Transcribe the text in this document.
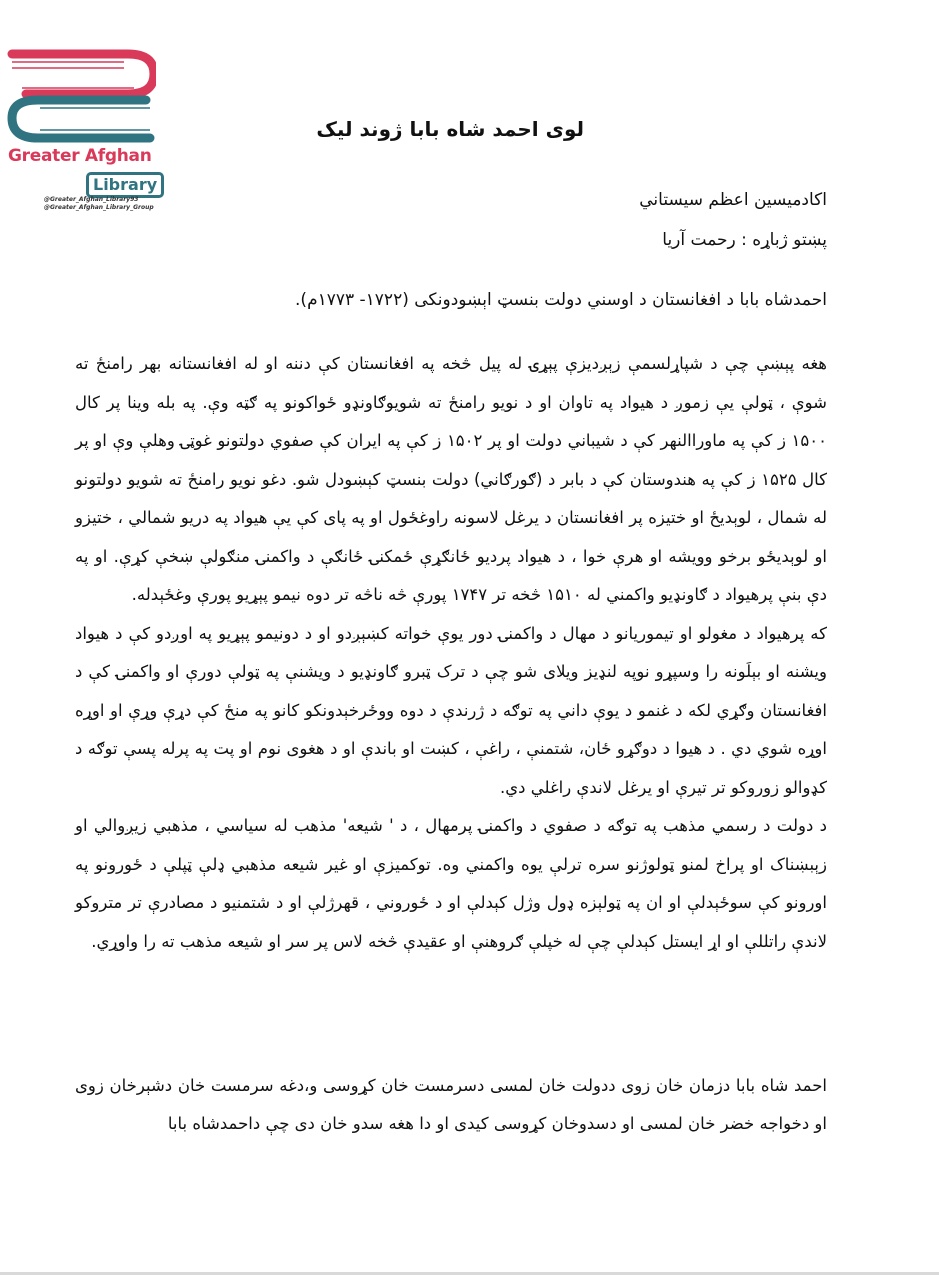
Greater Afghan
Library
@Greater_Afghan_Library93
@Greater_Afghan_Library_Group
لوی احمد شاه بابا ژوند لیک
اکادمیسین اعظم سیستاني
پښتو ژباړه : رحمت آريا
احمدشاه بابا د افغانستان د اوسني دولت بنسټ اېښودونکی (۱۷۲۲- ۱۷۷۳م).

هغه پېښې چې د شپاړلسمې زېږديزې پېړۍ له پيل څخه په افغانستان کې دننه او له افغانستانه بهر رامنځ ته شوې ، ټولې يې زموږ د هيواد په تاوان او د نويو رامنځ ته شويوګاونډو ځواکونو په ګټه وې. په بله وينا پر کال ۱۵۰۰ ز کې په ماوراالنهر کې د شيباني دولت او پر ۱۵۰۲ ز کې په ايران کې صفوي دولتونو غوټۍ وهلې وې او پر کال ۱۵۲۵ ز کې په هندوستان کې د بابر د (ګورګاني) دولت بنسټ کېښودل شو. دغو نويو رامنځ ته شويو دولتونو له شمال ، لوېديځ او ختيزه پر افغانستان د يرغل لاسونه راوغځول او په پای کې يې هيواد په دريو شمالي ، ختيزو او لوېديځو برخو وويشه او هرې خوا ، د هيواد پرديو ځانګړې ځمکنۍ ځانګې د واکمنۍ منګولې ښخې کړې. او په دې بنې پرهيواد د ګاونډيو واکمني له ۱۵۱۰ څخه تر ۱۷۴۷ پورې څه ناڅه تر دوه نيمو پېړيو پورې وغځېدله.

که پرهيواد د مغولو او تيموريانو د مهال د واکمنۍ دور يوې خواته کښېږدو او د دونيمو پېړيو په اوږدو کې د هيواد ويشنه او بېلَونه را وسپړو نوپه لنډيز ويلای شو چې د ترک ټبرو ګاونډيو د ويشنې په ټولې دورې او واکمنۍ کې د افغانستان وګړي لکه د غنمو د يوې داني په توګه د ژرندې د دوه ووځرخېدونکو کانو په منځ کې دړې وړې او اوړه اوړه شوي دي . د هيوا د دوګړو ځان، شتمنې ، راغې ، کښت او باندې او د هغوی نوم او پت په پرله پسې توګه د کډوالو زوروکو تر تيرې او يرغل لاندې راغلي دي.

د دولت د رسمي مذهب په توګه د صفوي د واکمنۍ پرمهال ، د ' شيعه' مذهب له سياسي ، مذهبي زيږوالي او زېبښناک او پراخ لمنو ټولوژنو سره ترلې يوه واکمني وه. توکميزې او غير شيعه مذهبي ډلې ټپلې د ځورونو په اورونو کې سوځېدلې او ان په ټولېزه ډول وژل کېدلې او د ځوروني ، قهرژلې او د شتمنيو د مصادرې تر متروکو لاندې راتللې او اړ ايستل کېدلې چې له خپلې ګروهنې او عقيدې څخه لاس پر سر او شيعه مذهب ته را واوړي.

احمد شاه بابا دزمان خان زوی ددولت خان لمسی دسرمست خان کړوسی و،دغه سرمست خان دشېرخان زوی او دخواجه خضر خان لمسی او دسدوخان کړوسی کیدی او دا هغه سدو خان دی چې داحمدشاه بابا
